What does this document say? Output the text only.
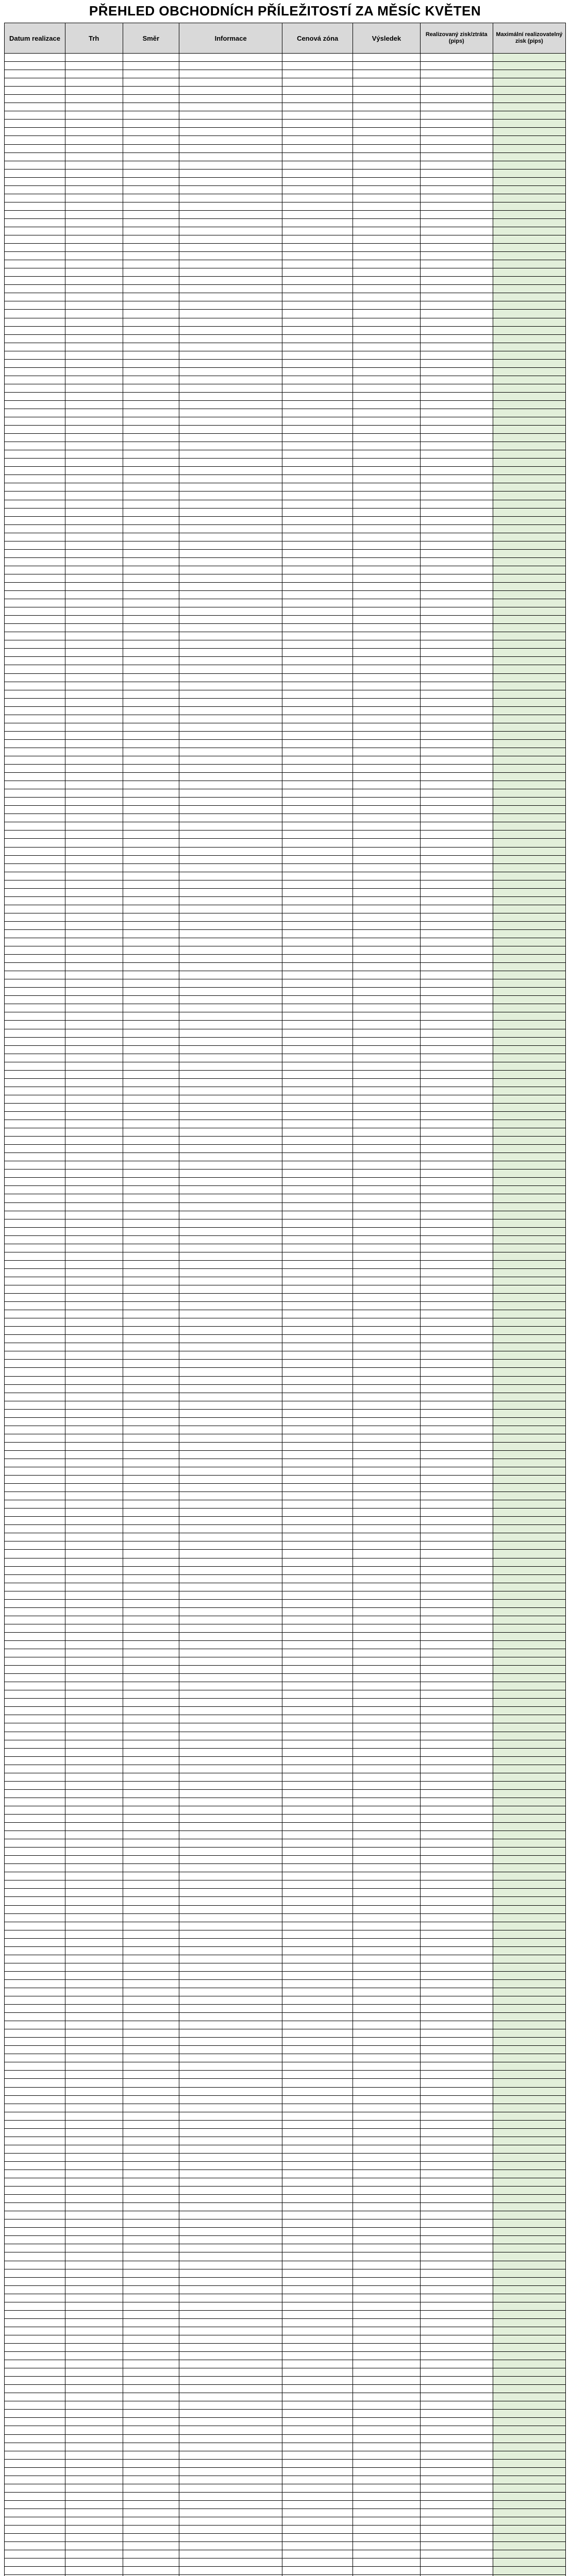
PŘEHLED OBCHODNÍCH PŘÍLEŽITOSTÍ ZA MĚSÍC KVĚTEN
Datum realizace	Trh	Směr	Informace	Cenová zóna	Výsledek	Realizovaný zisk/ztráta (pips)	Maximální realizovatelný zisk (pips)
